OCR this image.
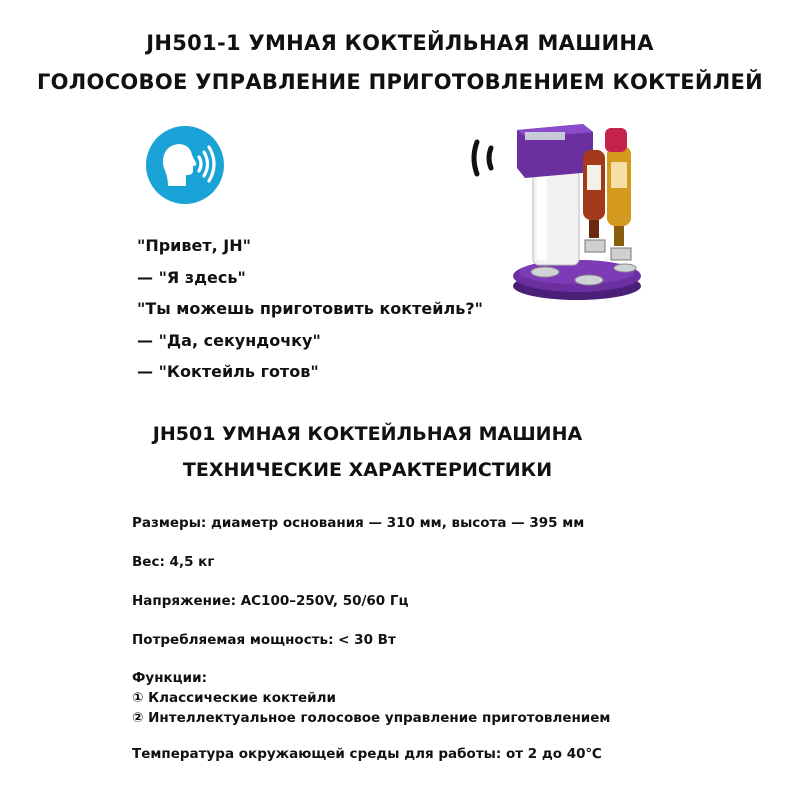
JH501-1 УМНАЯ КОКТЕЙЛЬНАЯ МАШИНА
ГОЛОСОВОЕ УПРАВЛЕНИЕ ПРИГОТОВЛЕНИЕМ КОКТЕЙЛЕЙ
"Привет, JH"
— "Я здесь"
"Ты можешь приготовить коктейль?"
— "Да, секундочку"
— "Коктейль готов"
JH501 УМНАЯ КОКТЕЙЛЬНАЯ МАШИНА
ТЕХНИЧЕСКИЕ ХАРАКТЕРИСТИКИ

Размеры: диаметр основания — 310 мм, высота — 395 мм

Вес: 4,5 кг

Напряжение: AC100–250V, 50/60 Гц

Потребляемая мощность: < 30 Вт

Функции:
① Классические коктейли
② Интеллектуальное голосовое управление приготовлением

Температура окружающей среды для работы: от 2 до 40℃
